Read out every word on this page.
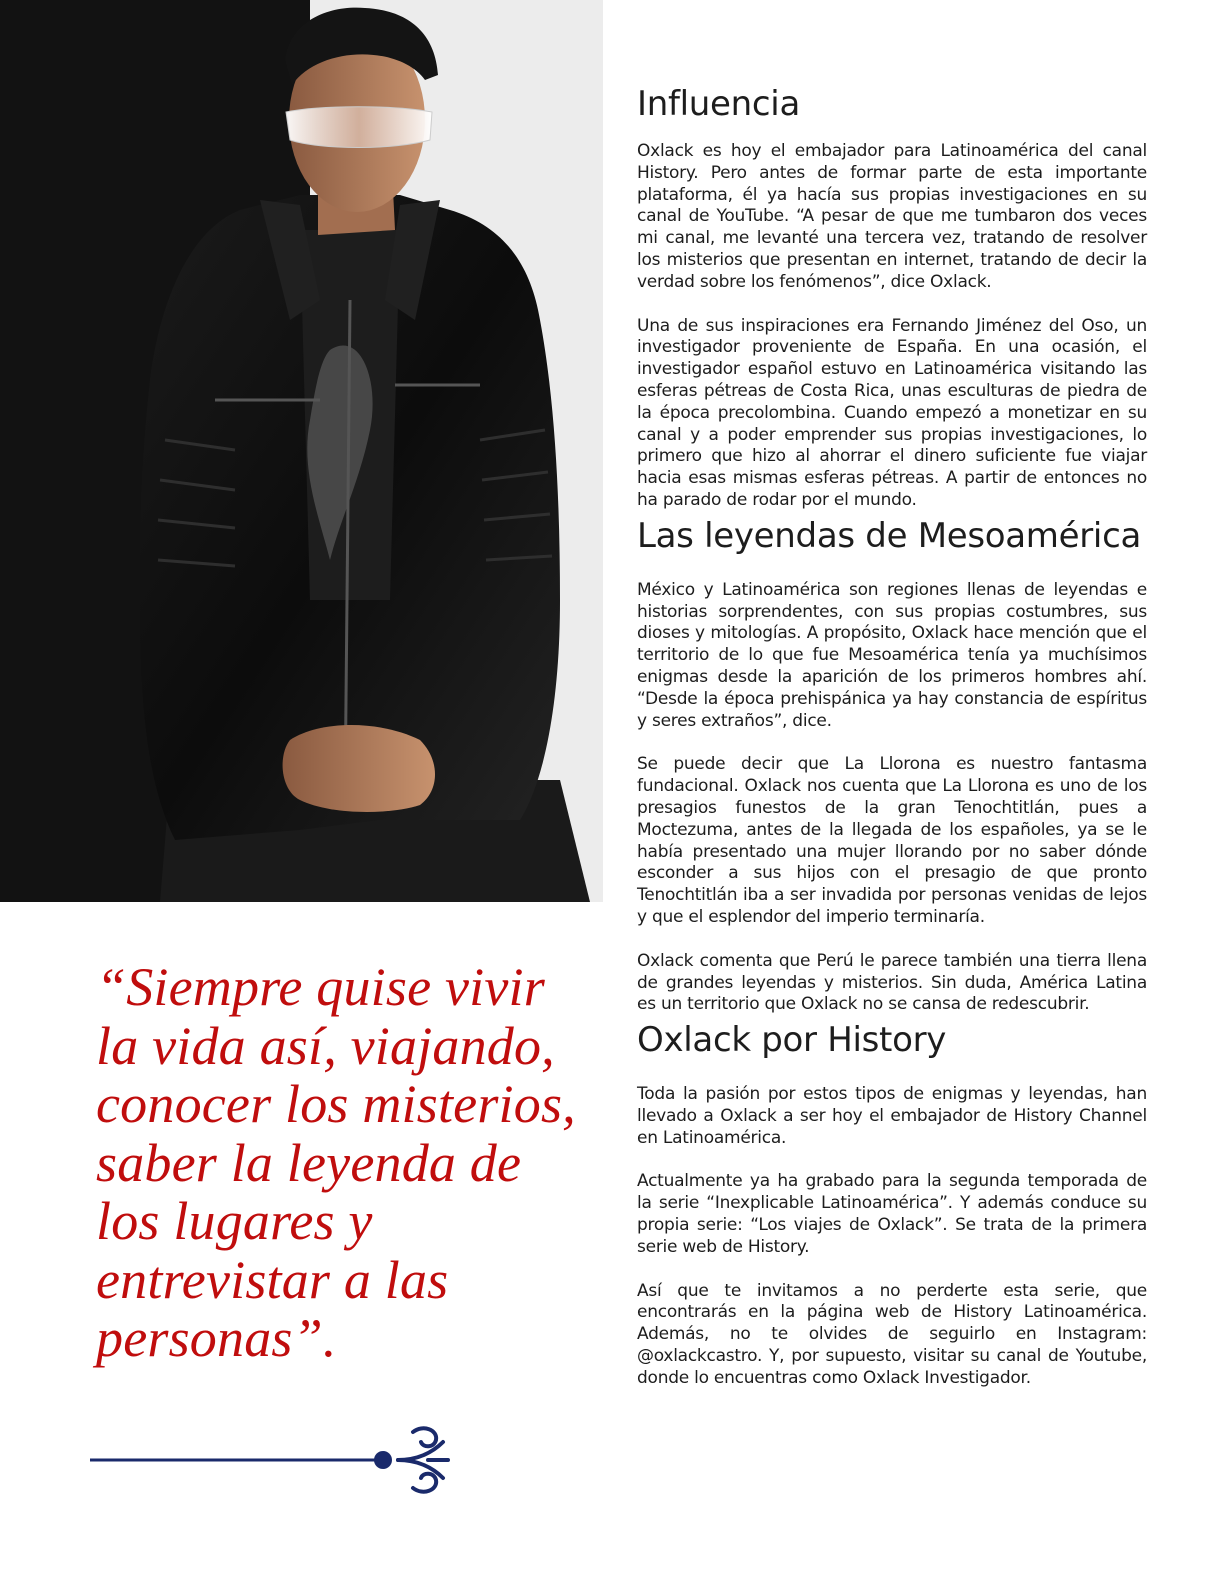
“Siempre quise vivir la vida así, viajando, conocer los misterios, saber la leyenda de los lugares y entrevistar a las personas”.

Influencia

Oxlack es hoy el embajador para Latinoamérica del canal History. Pero antes de formar parte de esta importante plataforma, él ya hacía sus propias investigaciones en su canal de YouTube. “A pesar de que me tumbaron dos veces mi canal, me levanté una tercera vez, tratando de resolver los misterios que presentan en internet, tratando de decir la verdad sobre los fenómenos”, dice Oxlack.

Una de sus inspiraciones era Fernando Jiménez del Oso, un investigador proveniente de España. En una ocasión, el investigador español estuvo en Latinoamérica visitando las esferas pétreas de Costa Rica, unas esculturas de piedra de la época precolombina. Cuando empezó a monetizar en su canal y a poder emprender sus propias investigaciones, lo primero que hizo al ahorrar el dinero suficiente fue viajar hacia esas mismas esferas pétreas. A partir de entonces no ha parado de rodar por el mundo.

Las leyendas de Mesoamérica

México y Latinoamérica son regiones llenas de leyendas e historias sorprendentes, con sus propias costumbres, sus dioses y mitologías. A propósito, Oxlack hace mención que el territorio de lo que fue Mesoamérica tenía ya muchísimos enigmas desde la aparición de los primeros hombres ahí. “Desde la época prehispánica ya hay constancia de espíritus y seres extraños”, dice.

Se puede decir que La Llorona es nuestro fantasma fundacional. Oxlack nos cuenta que La Llorona es uno de los presagios funestos de la gran Tenochtitlán, pues a Moctezuma, antes de la llegada de los españoles, ya se le había presentado una mujer llorando por no saber dónde esconder a sus hijos con el presagio de que pronto Tenochtitlán iba a ser invadida por personas venidas de lejos y que el esplendor del imperio terminaría.

Oxlack comenta que Perú le parece también una tierra llena de grandes leyendas y misterios. Sin duda, América Latina es un territorio que Oxlack no se cansa de redescubrir.

Oxlack por History

Toda la pasión por estos tipos de enigmas y leyendas, han llevado a Oxlack a ser hoy el embajador de History Channel en Latinoamérica.

Actualmente ya ha grabado para la segunda temporada de la serie “Inexplicable Latinoamérica”. Y además conduce su propia serie: “Los viajes de Oxlack”. Se trata de la primera serie web de History.

Así que te invitamos a no perderte esta serie, que encontrarás en la página web de History Latinoamérica. Además, no te olvides de seguirlo en Instagram: @oxlackcastro. Y, por supuesto, visitar su canal de Youtube, donde lo encuentras como Oxlack Investigador.
